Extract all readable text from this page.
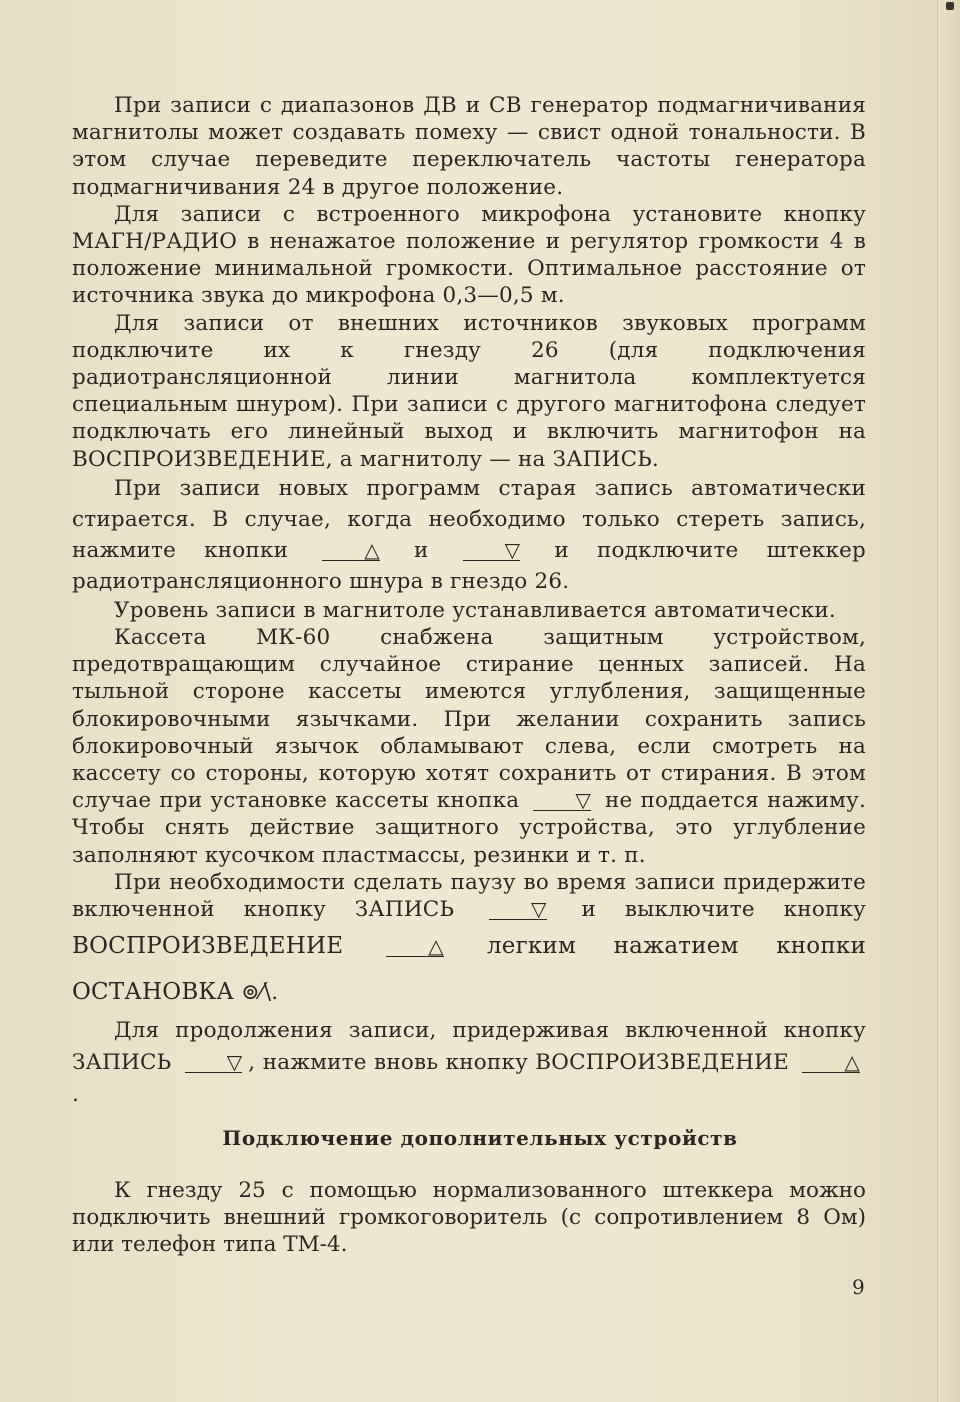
При записи с диапазонов ДВ и СВ генератор подмагничивания магнитолы может создавать помеху — свист одной тональности. В этом случае переведите переключатель частоты генератора подмагничивания 24 в другое положение.

Для записи с встроенного микрофона установите кнопку МАГН/РАДИО в ненажатое положение и регулятор громкости 4 в положение минимальной громкости. Оптимальное расстояние от источника звука до микрофона 0,3—0,5 м.

Для записи от внешних источников звуковых программ подключите их к гнезду 26 (для подключения радиотрансляционной линии магнитола комплектуется специальным шнуром). При записи с другого магнитофона следует подключать его линейный выход и включить магнитофон на ВОСПРОИЗВЕДЕНИЕ, а магнитолу — на ЗАПИСЬ.

При записи новых программ старая запись автоматически стирается. В случае, когда необходимо только стереть запись, нажмите кнопки	△ и	▽ и подключите штеккер радиотрансляционного шнура в гнездо 26.

Уровень записи в магнитоле устанавливается автоматически.

Кассета МК-60 снабжена защитным устройством, предотвращающим случайное стирание ценных записей. На тыльной стороне кассеты имеются углубления, защищенные блокировочными язычками. При желании сохранить запись блокировочный язычок обламывают слева, если смотреть на кассету со стороны, которую хотят сохранить от стирания. В этом случае при установке кассеты кнопка	▽ не поддается нажиму. Чтобы снять действие защитного устройства, это углубление заполняют кусочком пластмассы, резинки и т. п.

При необходимости сделать паузу во время записи придержите включенной кнопку ЗАПИСЬ	▽ и выключите кнопку ВОСПРОИЗВЕДЕНИЕ	△ легким нажатием кнопки ОСТАНОВКА ⊚⁄\.

Для продолжения записи, придерживая включенной кнопку ЗАПИСЬ	▽ , нажмите вновь кнопку ВОСПРОИЗВЕДЕНИЕ	△.

Подключение дополнительных устройств

К гнезду 25 с помощью нормализованного штеккера можно подключить внешний громкоговоритель (с сопротивлением 8 Ом) или телефон типа ТМ-4.

9
